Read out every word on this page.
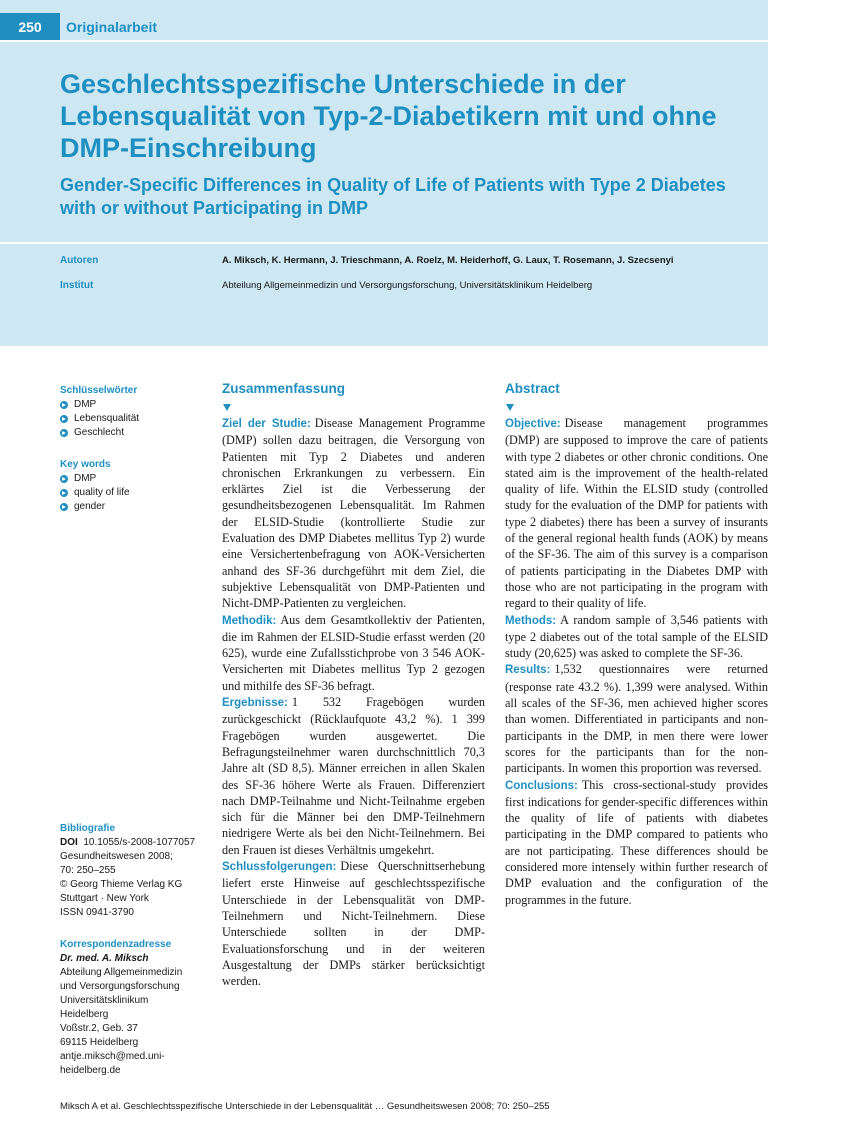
250	Originalarbeit
Geschlechtsspezifische Unterschiede in der Lebensqualität von Typ-2-Diabetikern mit und ohne DMP-Einschreibung
Gender-Specific Differences in Quality of Life of Patients with Type 2 Diabetes with or without Participating in DMP
Autoren	A. Miksch, K. Hermann, J. Trieschmann, A. Roelz, M. Heiderhoff, G. Laux, T. Rosemann, J. Szecsenyi
Institut	Abteilung Allgemeinmedizin und Versorgungsforschung, Universitätsklinikum Heidelberg
Schlüsselwörter
DMP
Lebensqualität
Geschlecht
Key words
DMP
quality of life
gender
Bibliografie
DOI 10.1055/s-2008-1077057
Gesundheitswesen 2008;
70: 250–255
© Georg Thieme Verlag KG
Stuttgart · New York
ISSN 0941-3790
Korrespondenzadresse
Dr. med. A. Miksch
Abteilung Allgemeinmedizin
und Versorgungsforschung
Universitätsklinikum
Heidelberg
Voßstr.2, Geb. 37
69115 Heidelberg
antje.miksch@med.uni-
heidelberg.de
Zusammenfassung

Ziel der Studie: Disease Management Programme (DMP) sollen dazu beitragen, die Versorgung von Patienten mit Typ 2 Diabetes und anderen chronischen Erkrankungen zu verbessern. Ein erklärtes Ziel ist die Verbesserung der gesundheitsbezogenen Lebensqualität. Im Rahmen der ELSID-Studie (kontrollierte Studie zur Evaluation des DMP Diabetes mellitus Typ 2) wurde eine Versichertenbefragung von AOK-Versicherten anhand des SF-36 durchgeführt mit dem Ziel, die subjektive Lebensqualität von DMP-Patienten und Nicht-DMP-Patienten zu vergleichen.

Methodik: Aus dem Gesamtkollektiv der Patienten, die im Rahmen der ELSID-Studie erfasst werden (20 625), wurde eine Zufallsstichprobe von 3 546 AOK-Versicherten mit Diabetes mellitus Typ 2 gezogen und mithilfe des SF-36 befragt.

Ergebnisse: 1 532 Fragebögen wurden zurückgeschickt (Rücklaufquote 43,2 %). 1 399 Fragebögen wurden ausgewertet. Die Befragungsteilnehmer waren durchschnittlich 70,3 Jahre alt (SD 8,5). Männer erreichen in allen Skalen des SF-36 höhere Werte als Frauen. Differenziert nach DMP-Teilnahme und Nicht-Teilnahme ergeben sich für die Männer bei den DMP-Teilnehmern niedrigere Werte als bei den Nicht-Teilnehmern. Bei den Frauen ist dieses Verhältnis umgekehrt.

Schlussfolgerungen: Diese Querschnittserhebung liefert erste Hinweise auf geschlechtsspezifische Unterschiede in der Lebensqualität von DMP-Teilnehmern und Nicht-Teilnehmern. Diese Unterschiede sollten in der DMP-Evaluationsforschung und in der weiteren Ausgestaltung der DMPs stärker berücksichtigt werden.

Abstract

Objective: Disease management programmes (DMP) are supposed to improve the care of patients with type 2 diabetes or other chronic conditions. One stated aim is the improvement of the health-related quality of life. Within the ELSID study (controlled study for the evaluation of the DMP for patients with type 2 diabetes) there has been a survey of insurants of the general regional health funds (AOK) by means of the SF-36. The aim of this survey is a comparison of patients participating in the Diabetes DMP with those who are not participating in the program with regard to their quality of life.

Methods: A random sample of 3,546 patients with type 2 diabetes out of the total sample of the ELSID study (20,625) was asked to complete the SF-36.

Results: 1,532 questionnaires were returned (response rate 43.2 %). 1,399 were analysed. Within all scales of the SF-36, men achieved higher scores than women. Differentiated in participants and non-participants in the DMP, in men there were lower scores for the participants than for the non-participants. In women this proportion was reversed.

Conclusions: This cross-sectional-study provides first indications for gender-specific differences within the quality of life of patients with diabetes participating in the DMP compared to patients who are not participating. These differences should be considered more intensely within further research of DMP evaluation and the configuration of the programmes in the future.

Miksch A et al. Geschlechtsspezifische Unterschiede in der Lebensqualität … Gesundheitswesen 2008; 70: 250–255
